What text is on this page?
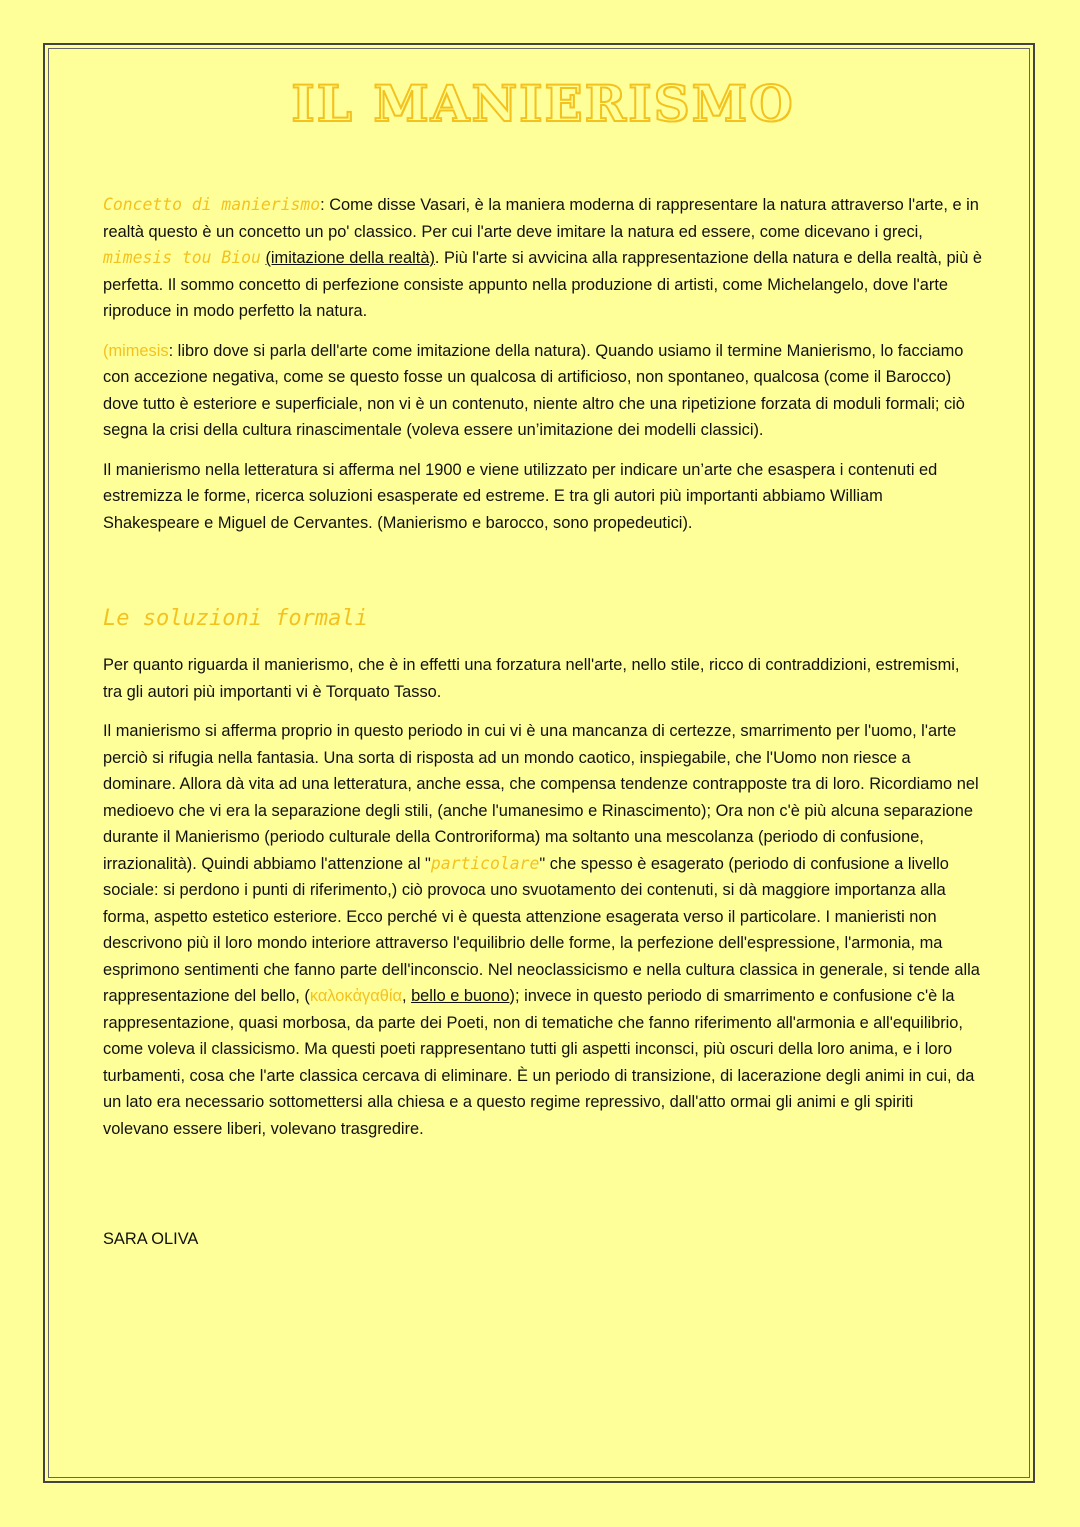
IL MANIERISMO

Concetto di manierismo: Come disse Vasari, è la maniera moderna di rappresentare la natura attraverso l'arte, e in realtà questo è un concetto un po' classico. Per cui l'arte deve imitare la natura ed essere, come dicevano i greci, mimesis tou Biou (imitazione della realtà). Più l'arte si avvicina alla rappresentazione della natura e della realtà, più è perfetta. Il sommo concetto di perfezione consiste appunto nella produzione di artisti, come Michelangelo, dove l'arte riproduce in modo perfetto la natura.

(mimesis: libro dove si parla dell'arte come imitazione della natura). Quando usiamo il termine Manierismo, lo facciamo con accezione negativa, come se questo fosse un qualcosa di artificioso, non spontaneo, qualcosa (come il Barocco) dove tutto è esteriore e superficiale, non vi è un contenuto, niente altro che una ripetizione forzata di moduli formali; ciò segna la crisi della cultura rinascimentale (voleva essere un’imitazione dei modelli classici).

Il manierismo nella letteratura si afferma nel 1900 e viene utilizzato per indicare un’arte che esaspera i contenuti ed estremizza le forme, ricerca soluzioni esasperate ed estreme. E tra gli autori più importanti abbiamo William Shakespeare e Miguel de Cervantes. (Manierismo e barocco, sono propedeutici).

Le soluzioni formali

Per quanto riguarda il manierismo, che è in effetti una forzatura nell'arte, nello stile, ricco di contraddizioni, estremismi, tra gli autori più importanti vi è Torquato Tasso.

Il manierismo si afferma proprio in questo periodo in cui vi è una mancanza di certezze, smarrimento per l'uomo, l'arte perciò si rifugia nella fantasia. Una sorta di risposta ad un mondo caotico, inspiegabile, che l'Uomo non riesce a dominare. Allora dà vita ad una letteratura, anche essa, che compensa tendenze contrapposte tra di loro. Ricordiamo nel medioevo che vi era la separazione degli stili, (anche l'umanesimo e Rinascimento); Ora non c'è più alcuna separazione durante il Manierismo (periodo culturale della Controriforma) ma soltanto una mescolanza (periodo di confusione, irrazionalità). Quindi abbiamo l'attenzione al "particolare" che spesso è esagerato (periodo di confusione a livello sociale: si perdono i punti di riferimento,) ciò provoca uno svuotamento dei contenuti, si dà maggiore importanza alla forma, aspetto estetico esteriore. Ecco perché vi è questa attenzione esagerata verso il particolare. I manieristi non descrivono più il loro mondo interiore attraverso l'equilibrio delle forme, la perfezione dell'espressione, l'armonia, ma esprimono sentimenti che fanno parte dell'inconscio. Nel neoclassicismo e nella cultura classica in generale, si tende alla rappresentazione del bello, (καλοκἀγαθία, bello e buono); invece in questo periodo di smarrimento e confusione c'è la rappresentazione, quasi morbosa, da parte dei Poeti, non di tematiche che fanno riferimento all'armonia e all'equilibrio, come voleva il classicismo. Ma questi poeti rappresentano tutti gli aspetti inconsci, più oscuri della loro anima, e i loro turbamenti, cosa che l'arte classica cercava di eliminare. È un periodo di transizione, di lacerazione degli animi in cui, da un lato era necessario sottomettersi alla chiesa e a questo regime repressivo, dall'atto ormai gli animi e gli spiriti volevano essere liberi, volevano trasgredire.

SARA OLIVA
